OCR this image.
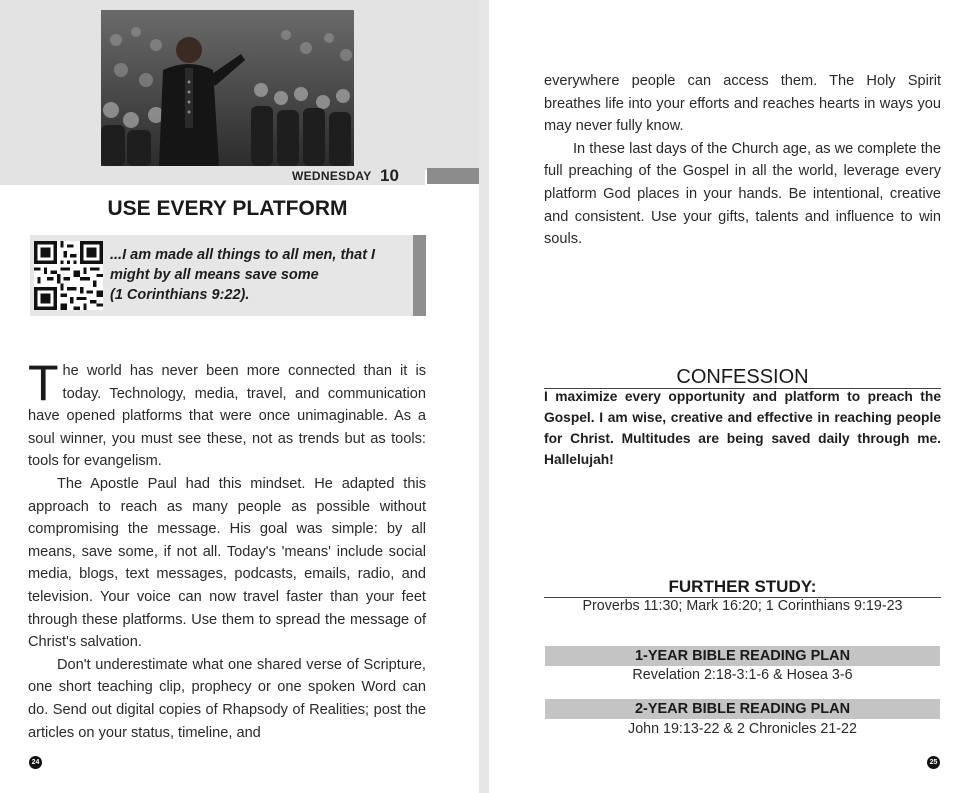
WEDNESDAY 10
USE EVERY PLATFORM
...I am made all things to all men, that I
might by all means save some
(1 Corinthians 9:22).

The world has never been more connected than it is today. Technology, media, travel, and communication have opened platforms that were once unimaginable. As a soul winner, you must see these, not as trends but as tools: tools for evangelism.

The Apostle Paul had this mindset. He adapted this approach to reach as many people as possible without compromising the message. His goal was simple: by all means, save some, if not all. Today's 'means' include social media, blogs, text messages, podcasts, emails, radio, and television. Your voice can now travel faster than your feet through these platforms. Use them to spread the message of Christ's salvation.

Don't underestimate what one shared verse of Scripture, one short teaching clip, prophecy or one spoken Word can do. Send out digital copies of Rhapsody of Realities; post the articles on your status, timeline, and

24

everywhere people can access them. The Holy Spirit breathes life into your efforts and reaches hearts in ways you may never fully know.

In these last days of the Church age, as we complete the full preaching of the Gospel in all the world, leverage every platform God places in your hands. Be intentional, creative and consistent. Use your gifts, talents and influence to win souls.

CONFESSION
I maximize every opportunity and platform to preach the Gospel. I am wise, creative and effective in reaching people for Christ. Multitudes are being saved daily through me. Hallelujah!
FURTHER STUDY:
Proverbs 11:30; Mark 16:20; 1 Corinthians 9:19-23
1-YEAR BIBLE READING PLAN
Revelation 2:18-3:1-6 & Hosea 3-6
2-YEAR BIBLE READING PLAN
John 19:13-22 & 2 Chronicles 21-22
25
